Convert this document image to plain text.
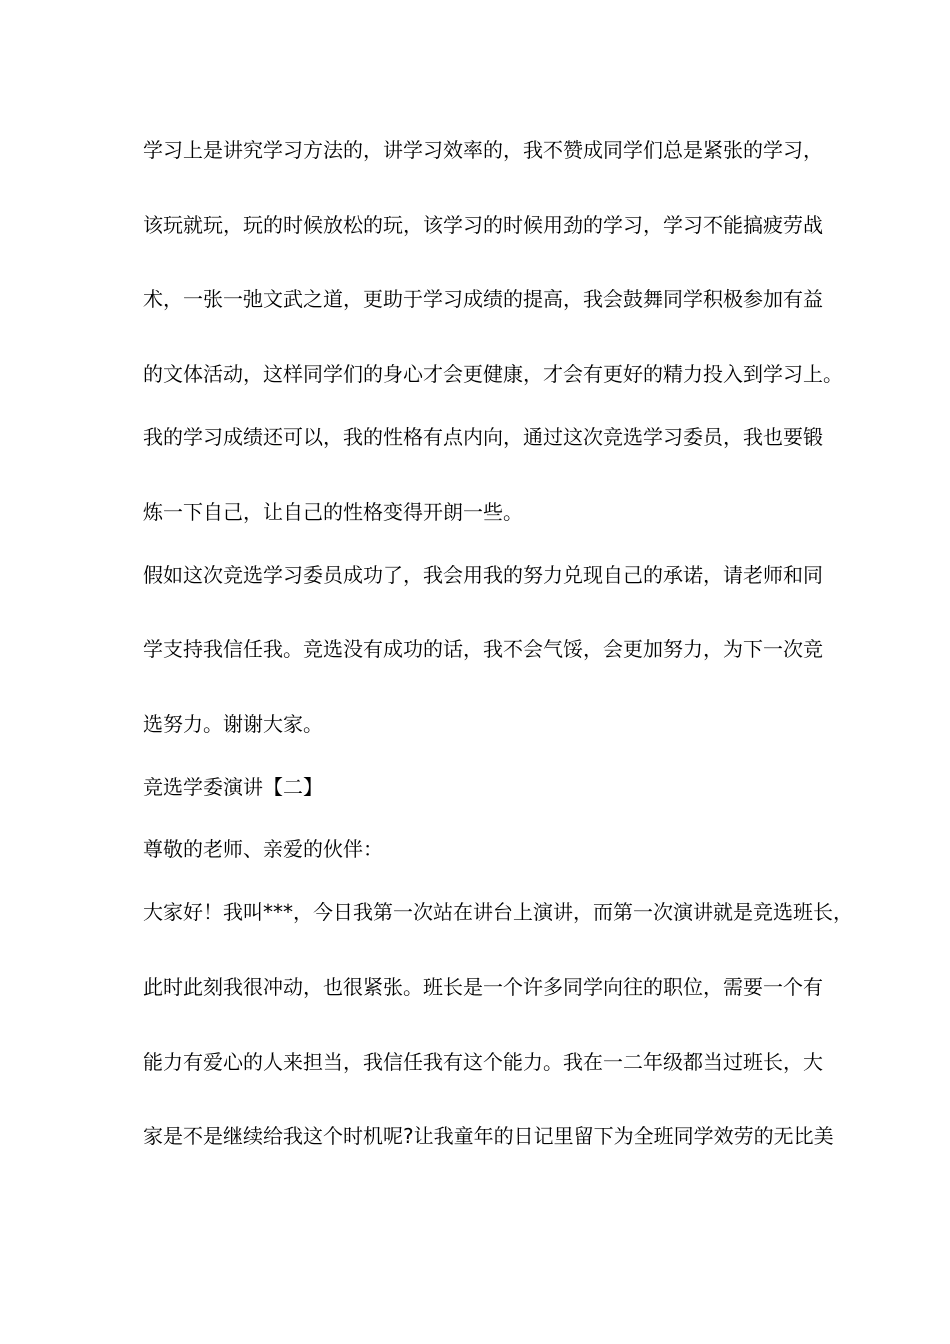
学习上是讲究学习方法的，讲学习效率的，我不赞成同学们总是紧张的学习，
该玩就玩，玩的时候放松的玩，该学习的时候用劲的学习，学习不能搞疲劳战
术，一张一弛文武之道，更助于学习成绩的提高，我会鼓舞同学积极参加有益
的文体活动，这样同学们的身心才会更健康，才会有更好的精力投入到学习上。
我的学习成绩还可以，我的性格有点内向，通过这次竞选学习委员，我也要锻
炼一下自己，让自己的性格变得开朗一些。
假如这次竞选学习委员成功了，我会用我的努力兑现自己的承诺，请老师和同
学支持我信任我。竞选没有成功的话，我不会气馁，会更加努力，为下一次竞
选努力。谢谢大家。
竞选学委演讲【二】
尊敬的老师、亲爱的伙伴：
大家好！我叫***，今日我第一次站在讲台上演讲，而第一次演讲就是竞选班长，
此时此刻我很冲动，也很紧张。班长是一个许多同学向往的职位，需要一个有
能力有爱心的人来担当，我信任我有这个能力。我在一二年级都当过班长，大
家是不是继续给我这个时机呢?让我童年的日记里留下为全班同学效劳的无比美
